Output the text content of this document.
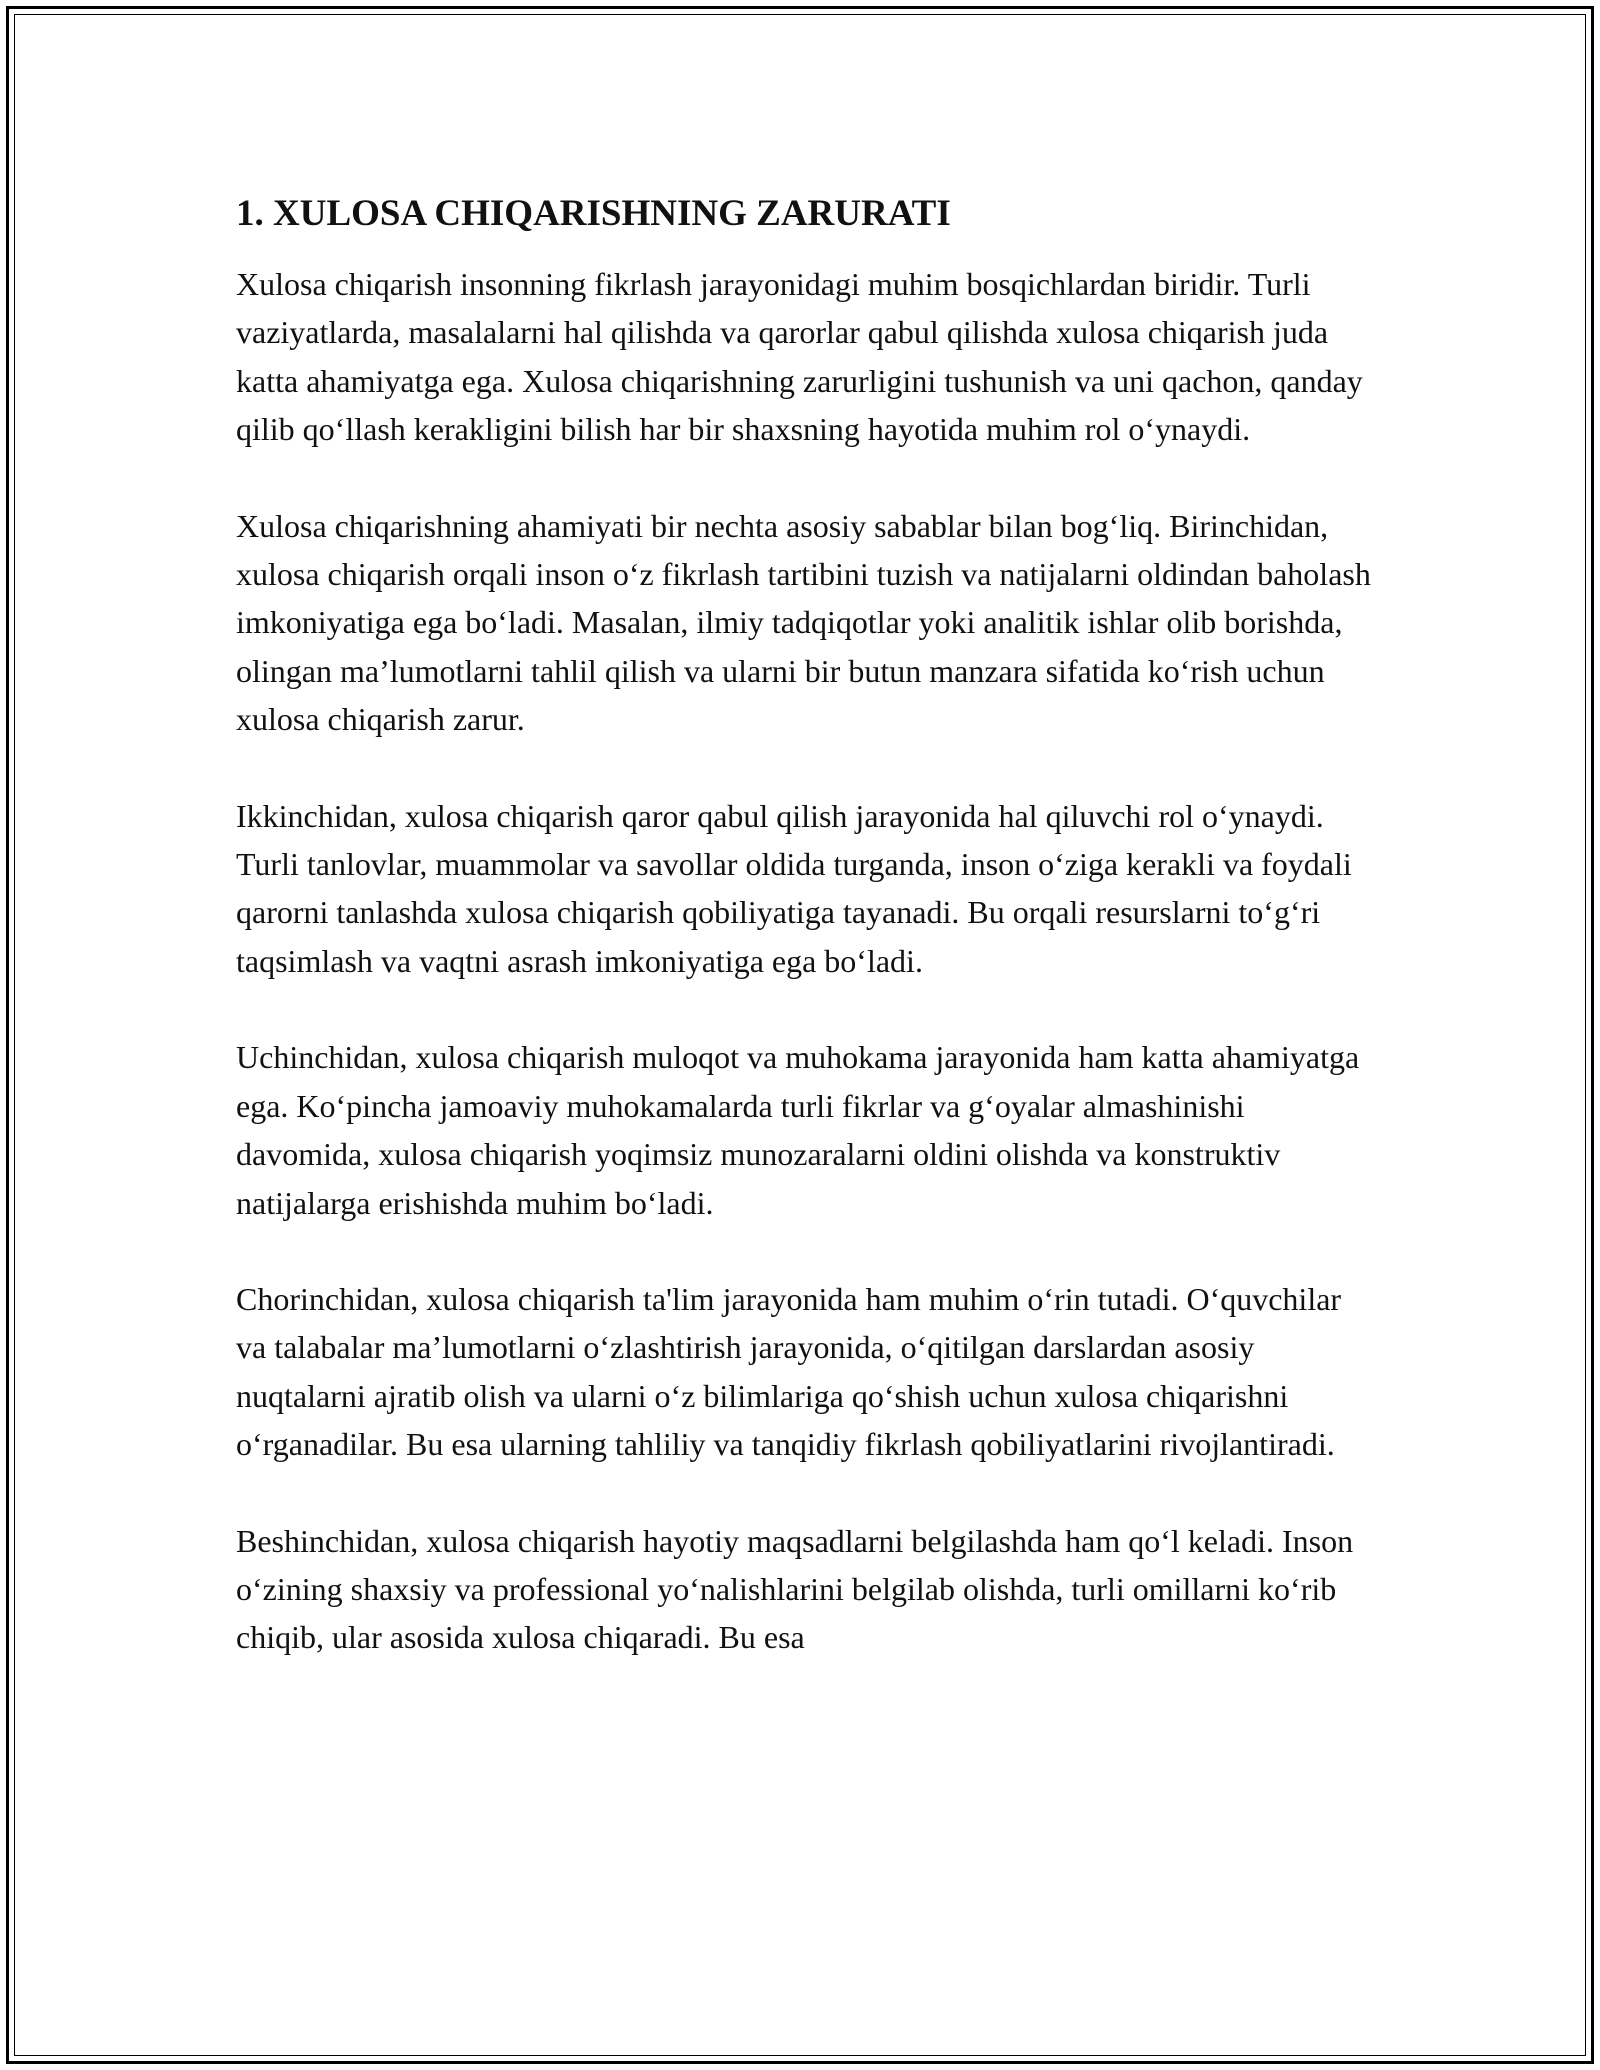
1. XULOSA CHIQARISHNING ZARURATI

Xulosa chiqarish insonning fikrlash jarayonidagi muhim bosqichlardan biridir. Turli vaziyatlarda, masalalarni hal qilishda va qarorlar qabul qilishda xulosa chiqarish juda katta ahamiyatga ega. Xulosa chiqarishning zarurligini tushunish va uni qachon, qanday qilib qo‘llash kerakligini bilish har bir shaxsning hayotida muhim rol o‘ynaydi.

Xulosa chiqarishning ahamiyati bir nechta asosiy sabablar bilan bog‘liq. Birinchidan, xulosa chiqarish orqali inson o‘z fikrlash tartibini tuzish va natijalarni oldindan baholash imkoniyatiga ega bo‘ladi. Masalan, ilmiy tadqiqotlar yoki analitik ishlar olib borishda, olingan ma’lumotlarni tahlil qilish va ularni bir butun manzara sifatida ko‘rish uchun xulosa chiqarish zarur.

Ikkinchidan, xulosa chiqarish qaror qabul qilish jarayonida hal qiluvchi rol o‘ynaydi. Turli tanlovlar, muammolar va savollar oldida turganda, inson o‘ziga kerakli va foydali qarorni tanlashda xulosa chiqarish qobiliyatiga tayanadi. Bu orqali resurslarni to‘g‘ri taqsimlash va vaqtni asrash imkoniyatiga ega bo‘ladi.

Uchinchidan, xulosa chiqarish muloqot va muhokama jarayonida ham katta ahamiyatga ega. Ko‘pincha jamoaviy muhokamalarda turli fikrlar va g‘oyalar almashinishi davomida, xulosa chiqarish yoqimsiz munozaralarni oldini olishda va konstruktiv natijalarga erishishda muhim bo‘ladi.

Chorinchidan, xulosa chiqarish ta'lim jarayonida ham muhim o‘rin tutadi. O‘quvchilar va talabalar ma’lumotlarni o‘zlashtirish jarayonida, o‘qitilgan darslardan asosiy nuqtalarni ajratib olish va ularni o‘z bilimlariga qo‘shish uchun xulosa chiqarishni o‘rganadilar. Bu esa ularning tahliliy va tanqidiy fikrlash qobiliyatlarini rivojlantiradi.

Beshinchidan, xulosa chiqarish hayotiy maqsadlarni belgilashda ham qo‘l keladi. Inson o‘zining shaxsiy va professional yo‘nalishlarini belgilab olishda, turli omillarni ko‘rib chiqib, ular asosida xulosa chiqaradi. Bu esa
